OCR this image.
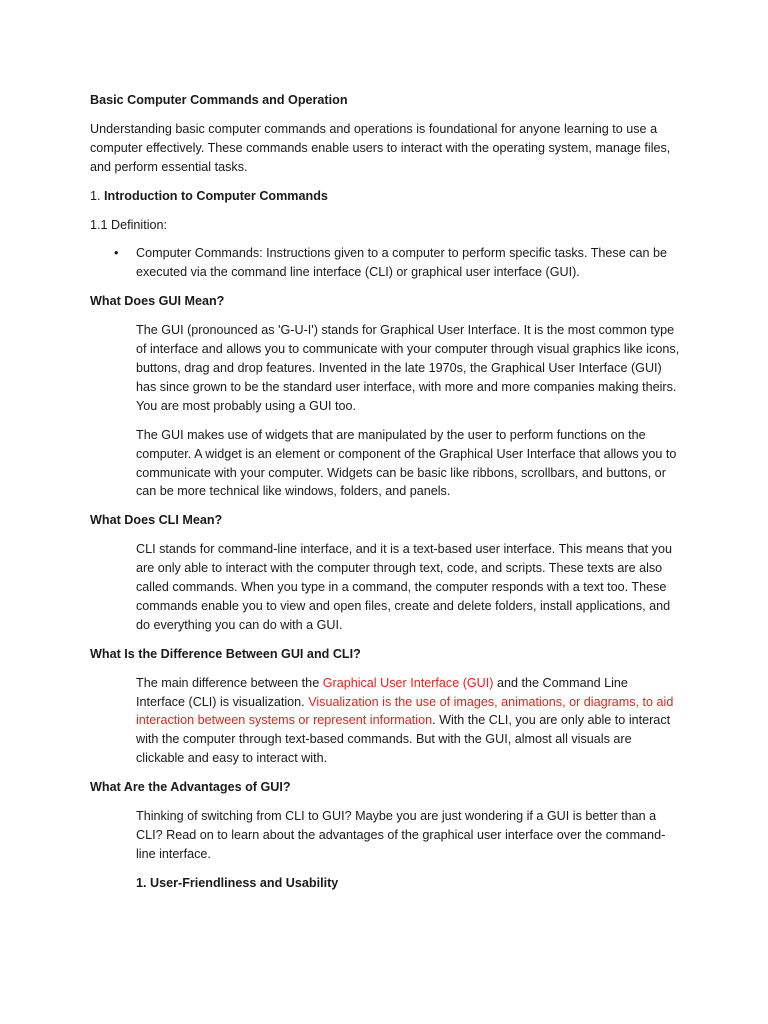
Basic Computer Commands and Operation

Understanding basic computer commands and operations is foundational for anyone learning to use a computer effectively. These commands enable users to interact with the operating system, manage files, and perform essential tasks.

1. Introduction to Computer Commands

1.1 Definition:

• Computer Commands: Instructions given to a computer to perform specific tasks. These can be executed via the command line interface (CLI) or graphical user interface (GUI).

What Does GUI Mean?

The GUI (pronounced as 'G-U-I') stands for Graphical User Interface. It is the most common type of interface and allows you to communicate with your computer through visual graphics like icons, buttons, drag and drop features. Invented in the late 1970s, the Graphical User Interface (GUI) has since grown to be the standard user interface, with more and more companies making theirs. You are most probably using a GUI too.

The GUI makes use of widgets that are manipulated by the user to perform functions on the computer. A widget is an element or component of the Graphical User Interface that allows you to communicate with your computer. Widgets can be basic like ribbons, scrollbars, and buttons, or can be more technical like windows, folders, and panels.

What Does CLI Mean?

CLI stands for command-line interface, and it is a text-based user interface. This means that you are only able to interact with the computer through text, code, and scripts. These texts are also called commands. When you type in a command, the computer responds with a text too. These commands enable you to view and open files, create and delete folders, install applications, and do everything you can do with a GUI.

What Is the Difference Between GUI and CLI?

The main difference between the Graphical User Interface (GUI) and the Command Line Interface (CLI) is visualization. Visualization is the use of images, animations, or diagrams, to aid interaction between systems or represent information. With the CLI, you are only able to interact with the computer through text-based commands. But with the GUI, almost all visuals are clickable and easy to interact with.

What Are the Advantages of GUI?

Thinking of switching from CLI to GUI? Maybe you are just wondering if a GUI is better than a CLI? Read on to learn about the advantages of the graphical user interface over the command-line interface.

1. User-Friendliness and Usability
